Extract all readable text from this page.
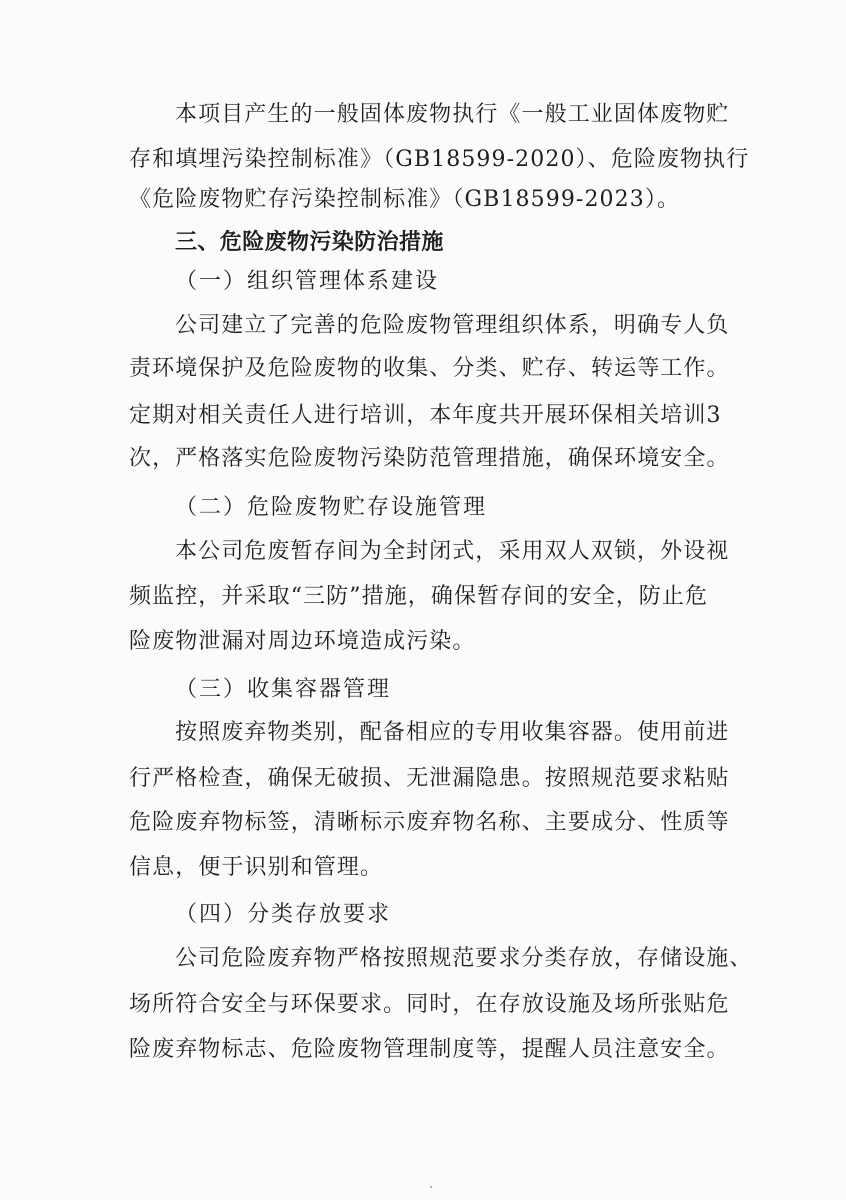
本项目产生的一般固体废物执行《一般工业固体废物贮
存和填埋污染控制标准》（GB18599-2020）、危险废物执行
《危险废物贮存污染控制标准》（GB18599-2023）。
三、危险废物污染防治措施
（一）组织管理体系建设
公司建立了完善的危险废物管理组织体系，明确专人负
责环境保护及危险废物的收集、分类、贮存、转运等工作。
定期对相关责任人进行培训，本年度共开展环保相关培训3
次，严格落实危险废物污染防范管理措施，确保环境安全。
（二）危险废物贮存设施管理
本公司危废暂存间为全封闭式，采用双人双锁，外设视
频监控，并采取“三防”措施，确保暂存间的安全，防止危
险废物泄漏对周边环境造成污染。
（三）收集容器管理
按照废弃物类别，配备相应的专用收集容器。使用前进
行严格检查，确保无破损、无泄漏隐患。按照规范要求粘贴
危险废弃物标签，清晰标示废弃物名称、主要成分、性质等
信息，便于识别和管理。
（四）分类存放要求
公司危险废弃物严格按照规范要求分类存放，存储设施、
场所符合安全与环保要求。同时，在存放设施及场所张贴危
险废弃物标志、危险废物管理制度等，提醒人员注意安全。
